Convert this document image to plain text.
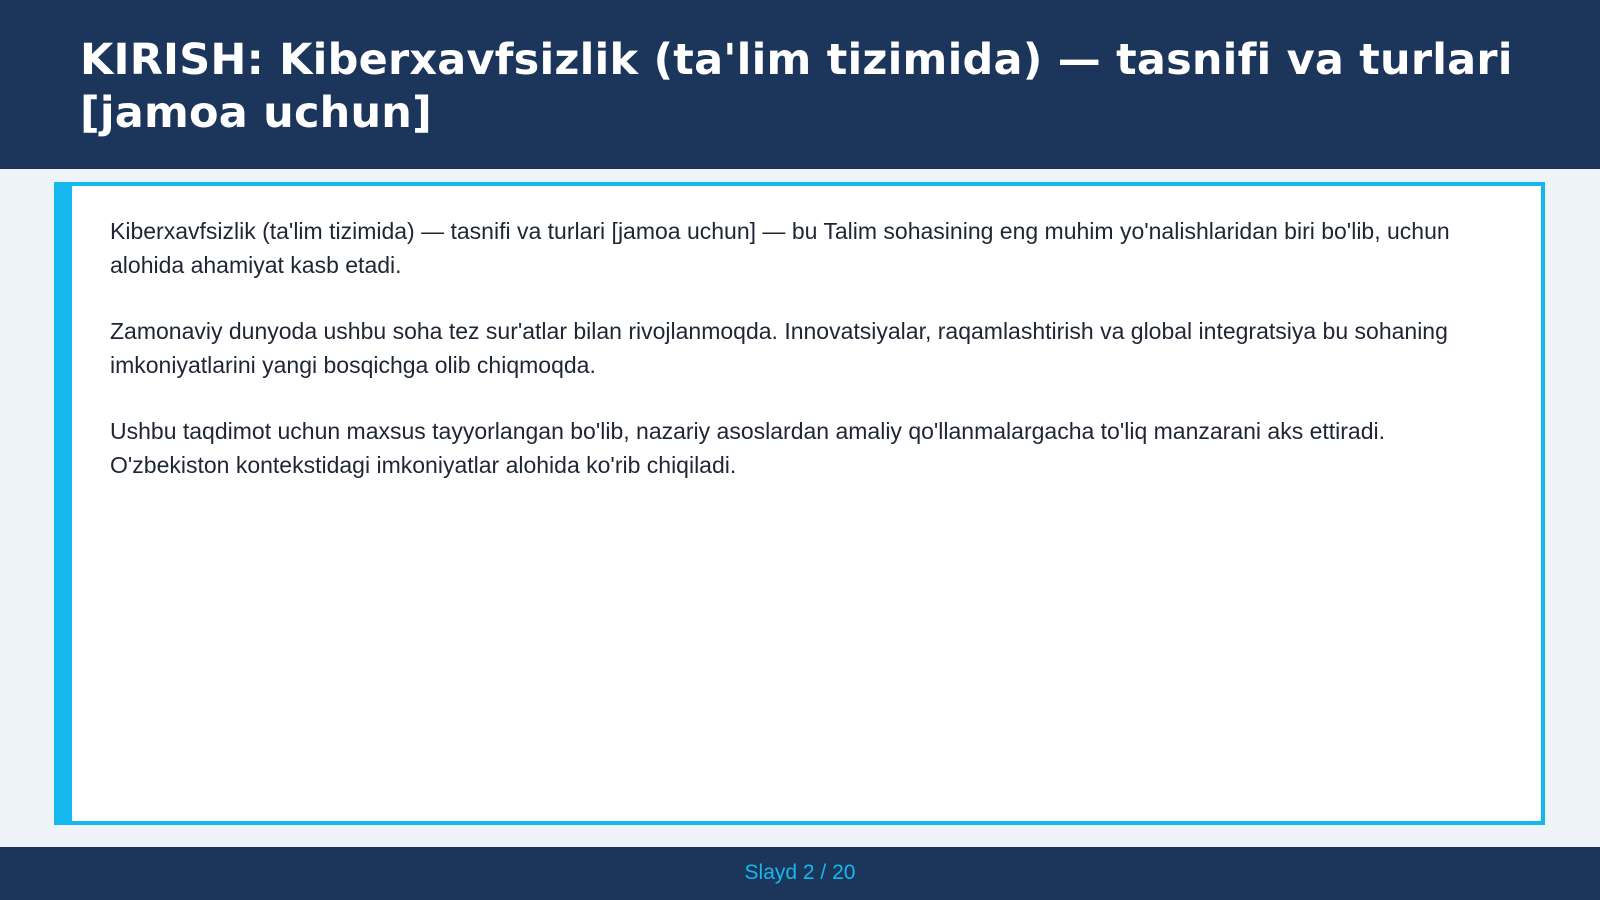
KIRISH: Kiberxavfsizlik (ta'lim tizimida) — tasnifi va turlari [jamoa uchun]

Kiberxavfsizlik (ta'lim tizimida) — tasnifi va turlari [jamoa uchun] — bu Talim sohasining eng muhim yo'nalishlaridan biri bo'lib, uchun alohida ahamiyat kasb etadi.

Zamonaviy dunyoda ushbu soha tez sur'atlar bilan rivojlanmoqda. Innovatsiyalar, raqamlashtirish va global integratsiya bu sohaning imkoniyatlarini yangi bosqichga olib chiqmoqda.

Ushbu taqdimot uchun maxsus tayyorlangan bo'lib, nazariy asoslardan amaliy qo'llanmalargacha to'liq manzarani aks ettiradi. O'zbekiston kontekstidagi imkoniyatlar alohida ko'rib chiqiladi.

Slayd 2 / 20
